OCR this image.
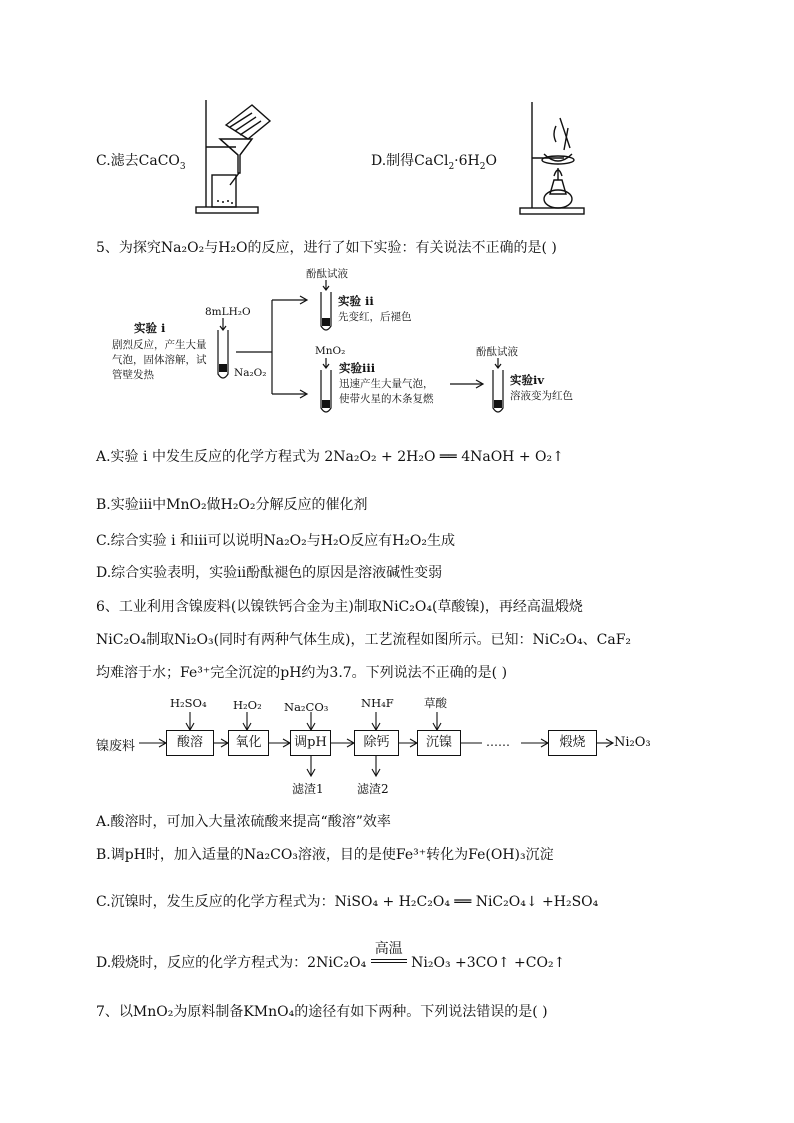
C.滤去CaCO$_3$	D.制得$CaCl_2\cdot 6H_2O$
5、为探究Na₂O₂与H₂O的反应，进行了如下实验：有关说法不正确的是( )
实验 i
剧烈反应，产生大量
气泡，固体溶解，试
管壁发热
8mLH₂O
Na₂O₂
酚酞试液
实验 ii
先变红，后褪色
MnO₂
实验iii
迅速产生大量气泡，
使带火星的木条复燃
酚酞试液
实验iv
溶液变为红色
A.实验 i 中发生反应的化学方程式为 2Na₂O₂ + 2H₂O ══ 4NaOH + O₂↑
B.实验iii中MnO₂做H₂O₂分解反应的催化剂
C.综合实验 i 和iii可以说明Na₂O₂与H₂O反应有H₂O₂生成
D.综合实验表明，实验ii酚酞褪色的原因是溶液碱性变弱
6、工业利用含镍废料(以镍铁钙合金为主)制取NiC₂O₄(草酸镍)，再经高温煅烧
NiC₂O₄制取Ni₂O₃(同时有两种气体生成)，工艺流程如图所示。已知：NiC₂O₄、CaF₂
均难溶于水；Fe³⁺完全沉淀的pH约为3.7。下列说法不正确的是( )
镍废料	酸溶	氧化	调pH	除钙	沉镍	……	煅烧	Ni₂O₃
H₂SO₄ H₂O₂ Na₂CO₃	NH₄F	草酸
滤渣1	滤渣2
A.酸溶时，可加入大量浓硫酸来提高“酸溶”效率
B.调pH时，加入适量的Na₂CO₃溶液，目的是使Fe³⁺转化为Fe(OH)₃沉淀
C.沉镍时，发生反应的化学方程式为：NiSO₄ + H₂C₂O₄ ══ NiC₂O₄↓ +H₂SO₄
D.煅烧时，反应的化学方程式为：2NiC₂O₄
高温
Ni₂O₃ +3CO↑ +CO₂↑
7、以MnO₂为原料制备KMnO₄的途径有如下两种。下列说法错误的是( )
